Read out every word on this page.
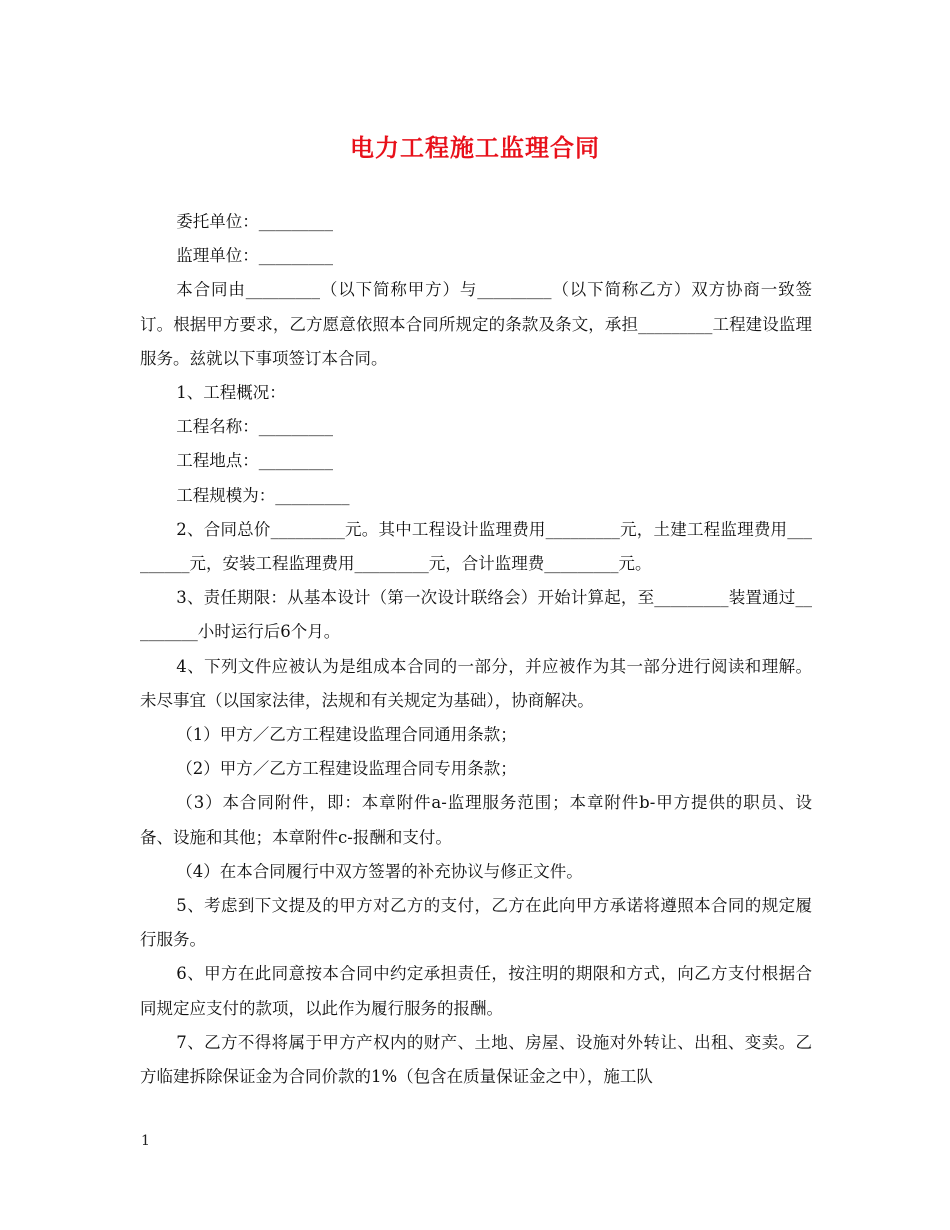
电力工程施工监理合同

委托单位：_________

监理单位：_________

本合同由_________（以下简称甲方）与_________（以下简称乙方）双方协商一致签订。根据甲方要求，乙方愿意依照本合同所规定的条款及条文，承担_________工程建设监理服务。兹就以下事项签订本合同。

1、工程概况：

工程名称：_________

工程地点：_________

工程规模为：_________

2、合同总价_________元。其中工程设计监理费用_________元，土建工程监理费用_________元，安装工程监理费用_________元，合计监理费_________元。

3、责任期限：从基本设计（第一次设计联络会）开始计算起，至_________装置通过_________小时运行后6个月。

4、下列文件应被认为是组成本合同的一部分，并应被作为其一部分进行阅读和理解。未尽事宜（以国家法律，法规和有关规定为基础），协商解决。

（1）甲方／乙方工程建设监理合同通用条款；

（2）甲方／乙方工程建设监理合同专用条款；

（3）本合同附件，即：本章附件a-监理服务范围；本章附件b-甲方提供的职员、设备、设施和其他；本章附件c-报酬和支付。

（4）在本合同履行中双方签署的补充协议与修正文件。

5、考虑到下文提及的甲方对乙方的支付，乙方在此向甲方承诺将遵照本合同的规定履行服务。

6、甲方在此同意按本合同中约定承担责任，按注明的期限和方式，向乙方支付根据合同规定应支付的款项，以此作为履行服务的报酬。

7、乙方不得将属于甲方产权内的财产、土地、房屋、设施对外转让、出租、变卖。乙方临建拆除保证金为合同价款的1%（包含在质量保证金之中），施工队

1
